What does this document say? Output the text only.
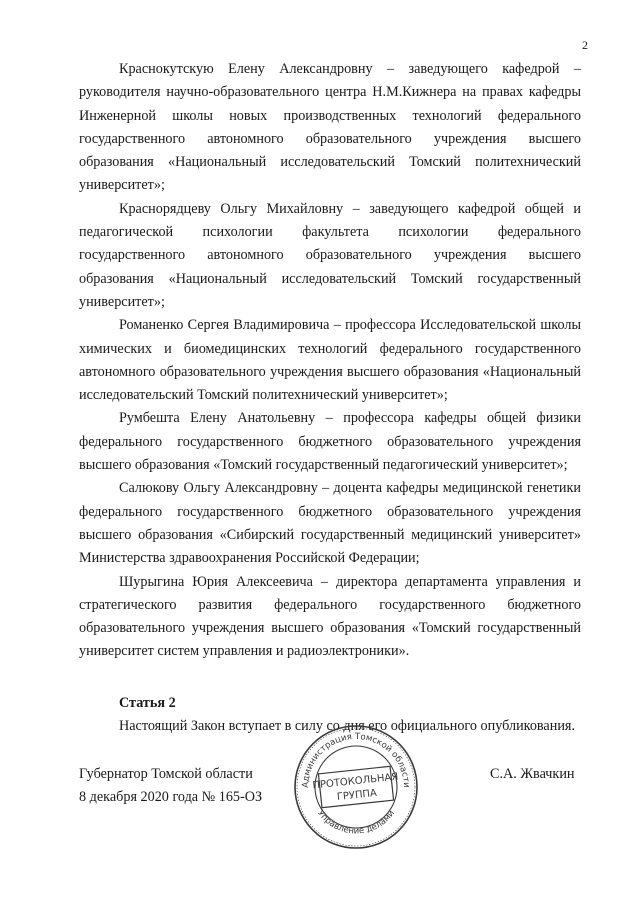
2

Краснокутскую Елену Александровну – заведующего кафедрой – руководителя научно-образовательного центра Н.М.Кижнера на правах кафедры Инженерной школы новых производственных технологий федерального государственного автономного образовательного учреждения высшего образования «Национальный исследовательский Томский политехнический университет»;

Краснорядцеву Ольгу Михайловну – заведующего кафедрой общей и педагогической психологии факультета психологии федерального государственного автономного образовательного учреждения высшего образования «Национальный исследовательский Томский государственный университет»;

Романенко Сергея Владимировича – профессора Исследовательской школы химических и биомедицинских технологий федерального государственного автономного образовательного учреждения высшего образования «Национальный исследовательский Томский политехнический университет»;

Румбешта Елену Анатольевну – профессора кафедры общей физики федерального государственного бюджетного образовательного учреждения высшего образования «Томский государственный педагогический университет»;

Салюкову Ольгу Александровну – доцента кафедры медицинской генетики федерального государственного бюджетного образовательного учреждения высшего образования «Сибирский государственный медицинский университет» Министерства здравоохранения Российской Федерации;

Шурыгина Юрия Алексеевича – директора департамента управления и стратегического развития федерального государственного бюджетного образовательного учреждения высшего образования «Томский государственный университет систем управления и радиоэлектроники».

Статья 2

Настоящий Закон вступает в силу со дня его официального опубликования.

Губернатор Томской области
8 декабря 2020 года № 165-ОЗ
С.А. Жвачкин
Администрация Томской области
Управление делами
ПРОТОКОЛЬНАЯ
ГРУППА
